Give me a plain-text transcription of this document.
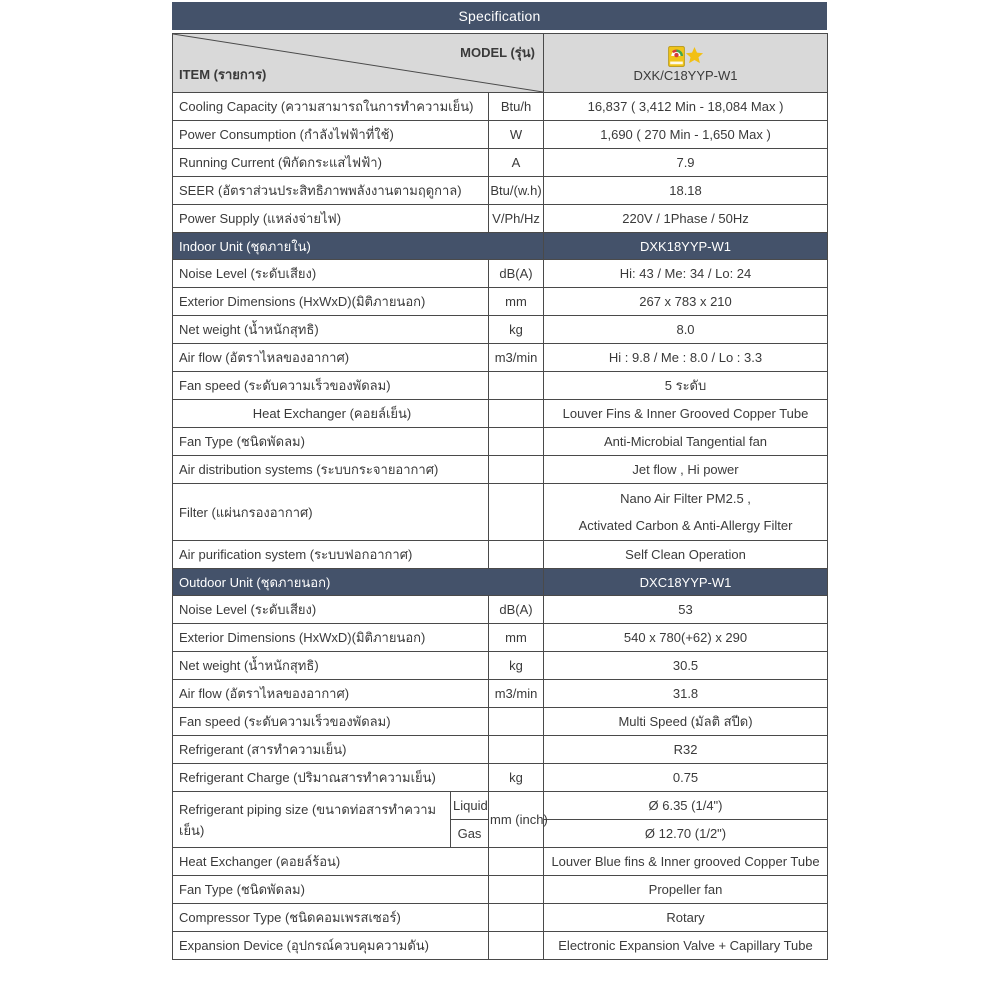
Specification
MODEL (รุ่น)
ITEM (รายการ)			DXK/C18YYP-W1

Cooling Capacity (ความสามารถในการทำความเย็น)		Btu/h	16,837 ( 3,412 Min - 18,084 Max )
Power Consumption (กำลังไฟฟ้าที่ใช้)		W	1,690 ( 270 Min - 1,650 Max )
Running Current (พิกัดกระแสไฟฟ้า)		A	7.9
SEER (อัตราส่วนประสิทธิภาพพลังงานตามฤดูกาล)		Btu/(w.h)	18.18
Power Supply (แหล่งจ่ายไฟ)		V/Ph/Hz	220V / 1Phase / 50Hz
Indoor Unit (ชุดภายใน)			DXK18YYP-W1
Noise Level (ระดับเสียง)		dB(A)	Hi: 43 / Me: 34 / Lo: 24
Exterior Dimensions (HxWxD)(มิติภายนอก)		mm	267 x 783 x 210
Net weight (น้ำหนักสุทธิ)		kg	8.0
Air flow (อัตราไหลของอากาศ)		m3/min	Hi : 9.8 / Me : 8.0 / Lo : 3.3
Fan speed (ระดับความเร็วของพัดลม)			5 ระดับ
Heat Exchanger (คอยล์เย็น)			Louver Fins & Inner Grooved Copper Tube
Fan Type (ชนิดพัดลม)			Anti-Microbial Tangential fan
Air distribution systems (ระบบกระจายอากาศ)			Jet flow , Hi power
Filter (แผ่นกรองอากาศ)			Nano Air Filter PM2.5 ,
Activated Carbon & Anti-Allergy Filter

Air purification system (ระบบฟอกอากาศ)			Self Clean Operation
Outdoor Unit (ชุดภายนอก)			DXC18YYP-W1
Noise Level (ระดับเสียง)		dB(A)	53
Exterior Dimensions (HxWxD)(มิติภายนอก)		mm	540 x 780(+62) x 290
Net weight (น้ำหนักสุทธิ)		kg	30.5
Air flow (อัตราไหลของอากาศ)		m3/min	31.8
Fan speed (ระดับความเร็วของพัดลม)			Multi Speed (มัลติ สปีด)
Refrigerant (สารทำความเย็น)			R32
Refrigerant Charge (ปริมาณสารทำความเย็น)		kg	0.75
Refrigerant piping size (ขนาดท่อสารทำความเย็น)	Liquid	mm (inch)	Ø 6.35 (1/4")
	Gas		Ø 12.70 (1/2")
Heat Exchanger (คอยล์ร้อน)			Louver Blue fins & Inner grooved Copper Tube
Fan Type (ชนิดพัดลม)			Propeller fan
Compressor Type (ชนิดคอมเพรสเซอร์)			Rotary
Expansion Device (อุปกรณ์ควบคุมความดัน)			Electronic Expansion Valve + Capillary Tube
